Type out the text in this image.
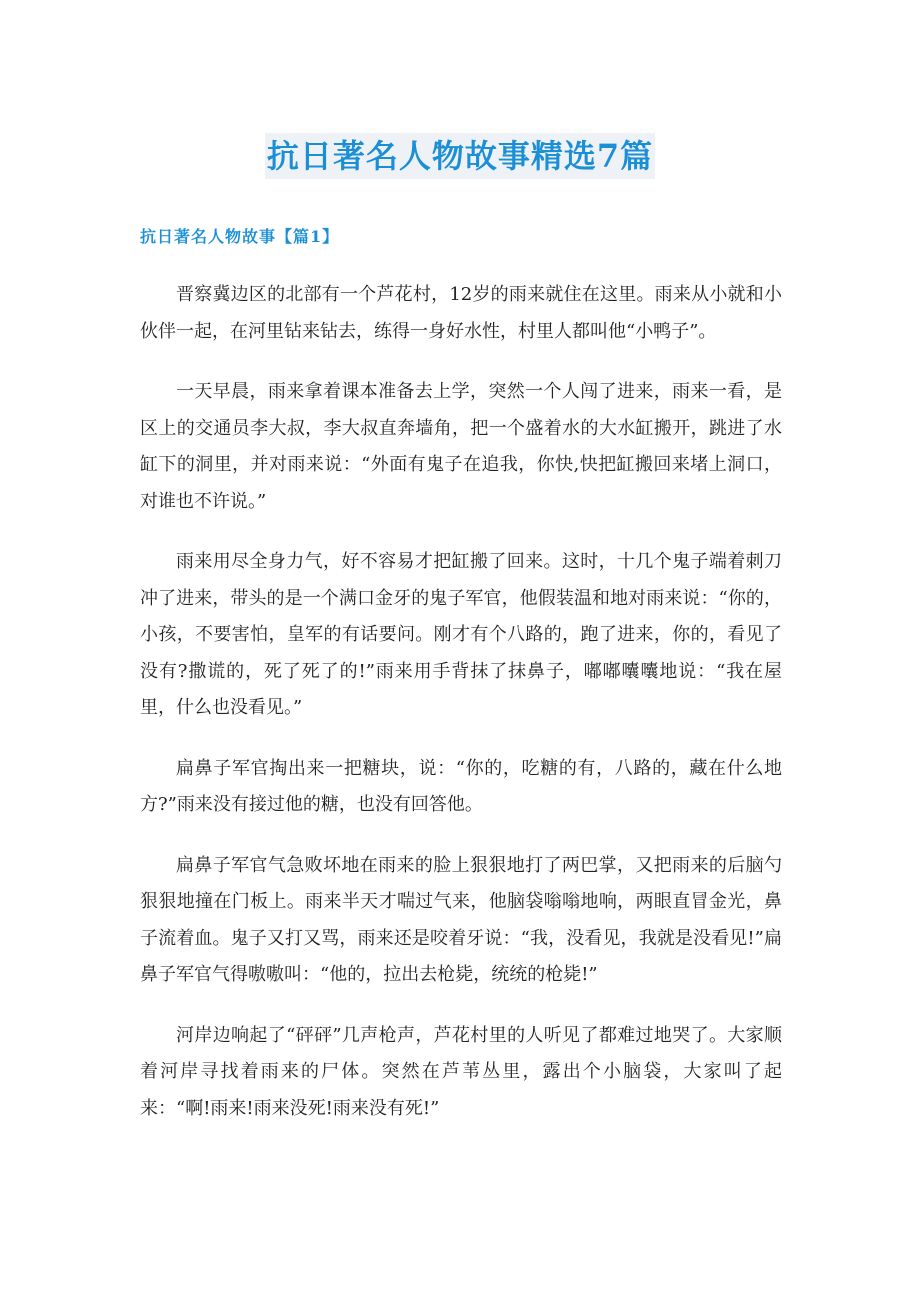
抗日著名人物故事精选7篇
抗日著名人物故事【篇1】

晋察冀边区的北部有一个芦花村，12岁的雨来就住在这里。雨来从小就和小伙伴一起，在河里钻来钻去，练得一身好水性，村里人都叫他“小鸭子”。

一天早晨，雨来拿着课本准备去上学，突然一个人闯了进来，雨来一看，是区上的交通员李大叔，李大叔直奔墙角，把一个盛着水的大水缸搬开，跳进了水缸下的洞里，并对雨来说：“外面有鬼子在追我，你快,快把缸搬回来堵上洞口，对谁也不许说。”

雨来用尽全身力气，好不容易才把缸搬了回来。这时，十几个鬼子端着刺刀冲了进来，带头的是一个满口金牙的鬼子军官，他假装温和地对雨来说：“你的，小孩，不要害怕，皇军的有话要问。刚才有个八路的，跑了进来，你的，看见了没有?撒谎的，死了死了的!”雨来用手背抹了抹鼻子，嘟嘟囔囔地说：“我在屋里，什么也没看见。”

扁鼻子军官掏出来一把糖块，说：“你的，吃糖的有，八路的，藏在什么地方?”雨来没有接过他的糖，也没有回答他。

扁鼻子军官气急败坏地在雨来的脸上狠狠地打了两巴掌，又把雨来的后脑勺狠狠地撞在门板上。雨来半天才喘过气来，他脑袋嗡嗡地响，两眼直冒金光，鼻子流着血。鬼子又打又骂，雨来还是咬着牙说：“我，没看见，我就是没看见!”扁鼻子军官气得嗷嗷叫：“他的，拉出去枪毙，统统的枪毙!”

河岸边响起了“砰砰”几声枪声，芦花村里的人听见了都难过地哭了。大家顺着河岸寻找着雨来的尸体。突然在芦苇丛里，露出个小脑袋，大家叫了起来：“啊!雨来!雨来没死!雨来没有死!”
